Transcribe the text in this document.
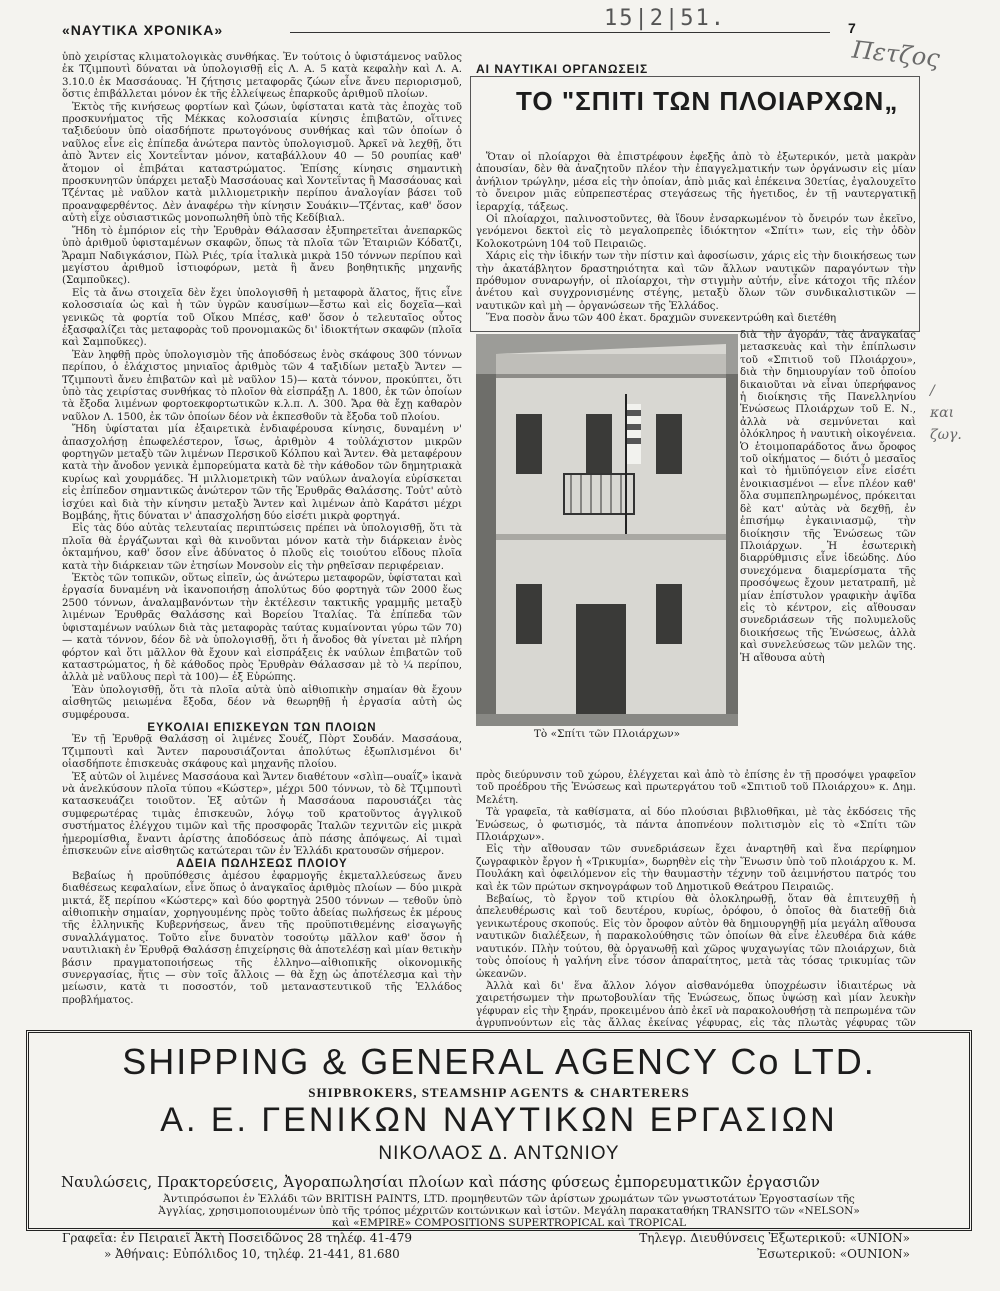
«ΝΑΥΤΙΚΑ ΧΡΟΝΙΚΑ»	7
15|2|51.
Πετζος
/
και
ζωγ.

ὑπὸ χειρίστας κλιματολογικὰς συνθήκας. Ἐν τούτοις ὁ ὑφιστάμενος ναῦλος ἐκ Τζιμπουτὶ δύναται νὰ ὑπολογισθῇ εἰς Λ. Α. 5 κατὰ κεφαλὴν καὶ Λ. Α. 3.10.0 ἐκ Μασσάουας. Ἡ ζήτησις μεταφορᾶς ζώων εἶνε ἄνευ περιορισμοῦ, ὅστις ἐπιβάλλεται μόνον ἐκ τῆς ἐλλείψεως ἐπαρκοῦς ἀριθμοῦ πλοίων.

Ἐκτὸς τῆς κινήσεως φορτίων καὶ ζώων, ὑφίσταται κατὰ τὰς ἐποχὰς τοῦ προσκυνήματος τῆς Μέκκας κολοσσιαία κίνησις ἐπιβατῶν, οἵτινες ταξιδεύουν ὑπὸ οἱασδήποτε πρωτογόνους συνθήκας καὶ τῶν ὁποίων ὁ ναῦλος εἶνε εἰς ἐπίπεδα ἀνώτερα παντὸς ὑπολογισμοῦ. Ἀρκεῖ νὰ λεχθῇ, ὅτι ἀπὸ Ἄντεν εἰς Χοντεΐνταν μόνον, καταβάλλουν 40 — 50 ρουπίας καθ' ἄτομον οἱ ἐπιβάται καταστρώματος. Ἐπίσης κίνησις σημαντικὴ προσκυνητῶν ὑπάρχει μεταξὺ Μασσάουας καὶ Χοντεΐντας ἢ Μασσάουας καὶ Τζέντας μὲ ναῦλον κατὰ μιλλιομετρικὴν περίπου ἀναλογίαν βάσει τοῦ προαναφερθέντος. Δὲν ἀναφέρω τὴν κίνησιν Σουάκιν—Τζέντας, καθ' ὅσον αὐτὴ εἶχε οὐσιαστικῶς μονοπωληθῆ ὑπὸ τῆς Κεδίβιαλ.

Ἤδη τὸ ἐμπόριον εἰς τὴν Ἐρυθρὰν Θάλασσαν ἐξυπηρετεῖται ἀνεπαρκῶς ὑπὸ ἀριθμοῦ ὑφισταμένων σκαφῶν, ὅπως τὰ πλοῖα τῶν Ἑταιριῶν Κόδατζι, Ἄραμπ Ναδιγκάσιον, Πὼλ Ριές, τρία ἰταλικὰ μικρὰ 150 τόννων περίπου καὶ μεγίστου ἀριθμοῦ ἱστιοφόρων, μετὰ ἢ ἄνευ βοηθητικῆς μηχανῆς (Σαμποῦκες).

Εἰς τὰ ἄνω στοιχεῖα δὲν ἔχει ὑπολογισθῆ ἡ μεταφορὰ ἅλατος, ἥτις εἶνε κολοσσιαία ὡς καὶ ἡ τῶν ὑγρῶν καυσίμων—ἔστω καὶ εἰς δοχεῖα—καὶ γενικῶς τὰ φορτία τοῦ Οἴκου Μπέσς, καθ' ὅσον ὁ τελευταῖος οὗτος ἐξασφαλίζει τὰς μεταφορὰς τοῦ προνομιακῶς δι' ἰδιοκτήτων σκαφῶν (πλοῖα καὶ Σαμποῦκες).

Ἐὰν ληφθῇ πρὸς ὑπολογισμὸν τῆς ἀποδόσεως ἑνὸς σκάφους 300 τόννων περίπου, ὁ ἐλάχιστος μηνιαῖος ἀριθμὸς τῶν 4 ταξιδίων μεταξὺ Ἄντεν — Τζιμπουτὶ ἄνευ ἐπιβατῶν καὶ μὲ ναῦλον 15)— κατὰ τόννον, προκύπτει, ὅτι ὑπὸ τὰς χειρίστας συνθήκας τὸ πλοῖον θὰ εἰσπράξῃ Λ. 1800, ἐκ τῶν ὁποίων τὰ ἔξοδα λιμένων φορτοεκφορτωτικῶν κ.λ.π. Λ. 300. Ἄρα θὰ ἔχῃ καθαρὸν ναῦλον Λ. 1500, ἐκ τῶν ὁποίων δέον νὰ ἐκπεσθοῦν τὰ ἔξοδα τοῦ πλοίου.

Ἤδη ὑφίσταται μία ἐξαιρετικὰ ἐνδιαφέρουσα κίνησις, δυναμένη ν' ἀπασχολήσῃ ἐπωφελέστερον, ἴσως, ἀριθμὸν 4 τοὐλάχιστον μικρῶν φορτηγῶν μεταξὺ τῶν λιμένων Περσικοῦ Κόλπου καὶ Ἄντεν. Θὰ μεταφέρουν κατὰ τὴν ἄνοδον γενικὰ ἐμπορεύματα κατὰ δὲ τὴν κάθοδον τῶν δημητριακὰ κυρίως καὶ χουρμάδες. Ἡ μιλλιομετρικὴ τῶν ναύλων ἀναλογία εὑρίσκεται εἰς ἐπίπεδον σημαντικῶς ἀνώτερον τῶν τῆς Ἐρυθρᾶς Θαλάσσης. Τοὐτ' αὐτὸ ἰσχύει καὶ διὰ τὴν κίνησιν μεταξὺ Ἄντεν καὶ λιμένων ἀπὸ Καράτσι μέχρι Βομβάης, ἥτις δύναται ν' ἀπασχολήσῃ δύο εἰσέτι μικρὰ φορτηγά.

Εἰς τὰς δύο αὐτὰς τελευταίας περιπτώσεις πρέπει νὰ ὑπολογισθῇ, ὅτι τὰ πλοῖα θὰ ἐργάζωνται καὶ θὰ κινοῦνται μόνον κατὰ τὴν διάρκειαν ἑνὸς ὀκταμήνου, καθ' ὅσον εἶνε ἀδύνατος ὁ πλοῦς εἰς τοιούτου εἴδους πλοῖα κατὰ τὴν διάρκειαν τῶν ἐτησίων Μονσοὺν εἰς τὴν ρηθεῖσαν περιφέρειαν.

Ἐκτὸς τῶν τοπικῶν, οὕτως εἰπεῖν, ὡς ἀνώτερω μεταφορῶν, ὑφίσταται καὶ ἐργασία δυναμένη νὰ ἱκανοποιήσῃ ἀπολύτως δύο φορτηγὰ τῶν 2000 ἕως 2500 τόννων, ἀναλαμβανόντων τὴν ἐκτέλεσιν τακτικῆς γραμμῆς μεταξὺ λιμένων Ἐρυθρᾶς Θαλάσσης καὶ Βορείου Ἰταλίας. Τὰ ἐπίπεδα τῶν ὑφισταμένων ναύλων διὰ τὰς μεταφορὰς ταύτας κυμαίνονται γύρω τῶν 70)— κατὰ τόννον, δέον δὲ νὰ ὑπολογισθῇ, ὅτι ἡ ἄνοδος θὰ γίνεται μὲ πλήρη φόρτον καὶ ὅτι μᾶλλον θὰ ἔχουν καὶ εἰσπράξεις ἐκ ναύλων ἐπιβατῶν τοῦ καταστρώματος, ἡ δὲ κάθοδος πρὸς Ἐρυθρὰν Θάλασσαν μὲ τὸ ¼ περίπου, ἀλλὰ μὲ ναῦλους περὶ τὰ 100)— ἐξ Εὐρώπης.

Ἐὰν ὑπολογισθῇ, ὅτι τὰ πλοῖα αὐτὰ ὑπὸ αἰθιοπικὴν σημαίαν θὰ ἔχουν αἰσθητῶς μειωμένα ἔξοδα, δέον νὰ θεωρηθῇ ἡ ἐργασία αὐτὴ ὡς συμφέρουσα.

ΕΥΚΟΛΙΑΙ ΕΠΙΣΚΕΥΩΝ ΤΩΝ ΠΛΟΙΩΝ

Ἐν τῇ Ἐρυθρᾷ Θαλάσσῃ οἱ λιμένες Σουέζ, Πὸρτ Σουδάν. Μασσάουα, Τζιμπουτὶ καὶ Ἄντεν παρουσιάζονται ἀπολύτως ἐξωπλισμένοι δι' οἱασδήποτε ἐπισκευὰς σκάφους καὶ μηχανῆς πλοίου.

Ἐξ αὐτῶν οἱ λιμένες Μασσάουα καὶ Ἄντεν διαθέτουν «σλὶπ—ουαΐζ» ἱκανὰ νὰ ἀνελκύσουν πλοῖα τύπου «Κώστερ», μέχρι 500 τόννων, τὸ δὲ Τζιμπουτὶ κατασκευάζει τοιοῦτον. Ἐξ αὐτῶν ἡ Μασσάουα παρουσιάζει τὰς συμφερωτέρας τιμὰς ἐπισκευῶν, λόγῳ τοῦ κρατοῦντος ἀγγλικοῦ συστήματος ἐλέγχου τιμῶν καὶ τῆς προσφορᾶς Ἰταλῶν τεχνιτῶν εἰς μικρὰ ἡμερομίσθια, ἔναντι ἀρίστης ἀποδόσεως ἀπὸ πάσης ἀπόψεως. Αἱ τιμαὶ ἐπισκευῶν εἶνε αἰσθητῶς κατώτεραι τῶν ἐν Ἑλλάδι κρατουσῶν σήμερον.

ΑΔΕΙΑ ΠΩΛΗΣΕΩΣ ΠΛΟΙΟΥ

Βεβαίως ἡ προϋπόθεσις ἀμέσου ἐφαρμογῆς ἐκμεταλλεύσεως ἄνευ διαθέσεως κεφαλαίων, εἶνε ὅπως ὁ ἀναγκαῖος ἀριθμὸς πλοίων — δύο μικρὰ μικτά, ἕξ περίπου «Κώστερς» καὶ δύο φορτηγὰ 2500 τόννων — τεθοῦν ὑπὸ αἰθιοπικὴν σημαίαν, χορηγουμένης πρὸς τοῦτο ἀδείας πωλήσεως ἐκ μέρους τῆς ἑλληνικῆς Κυβερνήσεως, ἄνευ τῆς προϋποτιθεμένης εἰσαγωγῆς συναλλάγματος. Τοῦτο εἶνε δυνατὸν τοσούτῳ μᾶλλον καθ' ὅσον ἡ ναυτιλιακὴ ἐν Ἐρυθρᾷ Θαλάσσῃ ἐπιχείρησις θὰ ἀποτελέσῃ καὶ μίαν θετικὴν βάσιν πραγματοποιήσεως τῆς ἑλληνο—αἰθιοπικῆς οἰκονομικῆς συνεργασίας, ἥτις — σὺν τοῖς ἄλλοις — θὰ ἔχῃ ὡς ἀποτέλεσμα καὶ τὴν μείωσιν, κατὰ τι ποσοστόν, τοῦ μεταναστευτικοῦ τῆς Ἑλλάδος προβλήματος.

ΑΙ ΝΑΥΤΙΚΑΙ ΟΡΓΑΝΩΣΕΙΣ
ΤΟ "ΣΠΙΤΙ ΤΩΝ ΠΛΟΙΑΡΧΩΝ„

Ὅταν οἱ πλοίαρχοι θὰ ἐπιστρέφουν ἐφεξῆς ἀπὸ τὸ ἐξωτερικόν, μετὰ μακρὰν ἀπουσίαν, δὲν θὰ ἀναζητοῦν πλέον τὴν ἐπαγγελματικήν των ὀργάνωσιν εἰς μίαν ἀνήλιον τρώγλην, μέσα εἰς τὴν ὁποίαν, ἀπὸ μιᾶς καὶ ἐπέκεινα 30ετίας, ἐγαλουχεῖτο τὸ ὄνειρον μιᾶς εὐπρεπεστέρας στεγάσεως τῆς ἡγετιδος, ἐν τῇ ναυτεργατικῇ ἱεραρχίᾳ, τάξεως.

Οἱ πλοίαρχοι, παλινοστοῦντες, θὰ ἴδουν ἐνσαρκωμένον τὸ ὄνειρόν των ἐκεῖνο, γενόμενοι δεκτοὶ εἰς τὸ μεγαλοπρεπὲς ἰδιόκτητον «Σπίτι» των, εἰς τὴν ὁδὸν Κολοκοτρώνη 104 τοῦ Πειραιῶς.

Χάρις εἰς τὴν ἰδικήν των τὴν πίστιν καὶ ἀφοσίωσιν, χάρις εἰς τὴν διοικήσεως των τὴν ἀκατάβλητον δραστηριότητα καὶ τῶν ἄλλων ναυτικῶν παραγόντων τὴν πρόθυμον συναρωγήν, οἱ πλοίαρχοι, τὴν στιγμὴν αὐτήν, εἶνε κάτοχοι τῆς πλέον ἀνέτου καὶ συγχρονισμένης στέγης, μεταξὺ ὅλων τῶν συνδικαλιστικῶν — ναυτικῶν καὶ μὴ — ὀργανώσεων τῆς Ἑλλάδος.

Ἕνα ποσὸν ἄνω τῶν 400 ἑκατ. δραχμῶν συνεκεντρώθη καὶ διετέθη

Τὸ «Σπίτι τῶν Πλοιάρχων»

διὰ τὴν ἀγοράν, τὰς ἀναγκαίας μετασκευὰς καὶ τὴν ἐπίπλωσιν τοῦ «Σπιτιοῦ τοῦ Πλοιάρχου», διὰ τὴν δημιουργίαν τοῦ ὁποίου δικαιοῦται νὰ εἶναι ὑπερήφανος ἡ διοίκησις τῆς Πανελληνίου Ἑνώσεως Πλοιάρχων τοῦ Ε. Ν., ἀλλὰ νὰ σεμνύνεται καὶ ὁλόκληρος ἡ ναυτικὴ οἰκογένεια. Ὁ ἑτοιμοπαράδοτος ἄνω ὄροφος τοῦ οἰκήματος — διότι ὁ μεσαῖος καὶ τὸ ἡμιϋπόγειον εἶνε εἰσέτι ἐνοικιασμένοι — εἶνε πλέον καθ' ὅλα συμπεπληρωμένος, πρόκειται δὲ κατ' αὐτὰς νὰ δεχθῇ, ἐν ἐπισήμῳ ἐγκαινιασμῷ, τὴν διοίκησιν τῆς Ἑνώσεως τῶν Πλοιάρχων. Ἡ ἐσωτερικὴ διαρρύθμισις εἶνε ἰδεώδης. Δύο συνεχόμενα διαμερίσματα τῆς προσόψεως ἔχουν μετατραπῆ, μὲ μίαν ἐπίστυλον γραφικὴν ἁψῖδα εἰς τὸ κέντρον, εἰς αἴθουσαν συνεδριάσεων τῆς πολυμελοῦς διοικήσεως τῆς Ἑνώσεως, ἀλλὰ καὶ συνελεύσεως τῶν μελῶν της. Ἡ αἴθουσα αὐτὴ

πρὸς διεύρυνσιν τοῦ χώρου, ἐλέγχεται καὶ ἀπὸ τὸ ἐπίσης ἐν τῇ προσόψει γραφεῖον τοῦ προέδρου τῆς Ἑνώσεως καὶ πρωτεργάτου τοῦ «Σπιτιοῦ τοῦ Πλοιάρχου» κ. Δημ. Μελέτη.

Τὰ γραφεῖα, τὰ καθίσματα, αἱ δύο πλούσιαι βιβλιοθῆκαι, μὲ τὰς ἐκδόσεις τῆς Ἑνώσεως, ὁ φωτισμός, τὰ πάντα ἀποπνέουν πολιτισμὸν εἰς τὸ «Σπίτι τῶν Πλοιάρχων».

Εἰς τὴν αἴθουσαν τῶν συνεδριάσεων ἔχει ἀναρτηθῆ καὶ ἕνα περίφημον ζωγραφικὸν ἔργον ἡ «Τρικυμία», δωρηθὲν εἰς τὴν Ἕνωσιν ὑπὸ τοῦ πλοιάρχου κ. Μ. Πουλάκη καὶ ὀφειλόμενον εἰς τὴν θαυμαστὴν τέχνην τοῦ ἀειμνήστου πατρός του καὶ ἐκ τῶν πρώτων σκηνογράφων τοῦ Δημοτικοῦ Θεάτρου Πειραιῶς.

Βεβαίως, τὸ ἔργον τοῦ κτιρίου θὰ ὁλοκληρωθῇ, ὅταν θὰ ἐπιτευχθῇ ἡ ἀπελευθέρωσις καὶ τοῦ δευτέρου, κυρίως, ὀρόφου, ὁ ὁποῖος θὰ διατεθῇ διὰ γενικωτέρους σκοπούς. Εἰς τὸν ὄροφον αὐτὸν θὰ δημιουργηθῇ μία μεγάλη αἴθουσα ναυτικῶν διαλέξεων, ἡ παρακολούθησις τῶν ὁποίων θὰ εἶνε ἐλευθέρα διὰ κάθε ναυτικόν. Πλὴν τούτου, θὰ ὀργανωθῇ καὶ χῶρος ψυχαγωγίας τῶν πλοιάρχων, διὰ τοὺς ὁποίους ἡ γαλήνη εἶνε τόσον ἀπαραίτητος, μετὰ τὰς τόσας τρικυμίας τῶν ὠκεανῶν.

Ἀλλὰ καὶ δι' ἕνα ἄλλον λόγον αἰσθανόμεθα ὑποχρέωσιν ἰδιαιτέρως νὰ χαιρετήσωμεν τὴν πρωτοβουλίαν τῆς Ἑνώσεως, ὅπως ὑψώσῃ καὶ μίαν λευκὴν γέφυραν εἰς τὴν ξηράν, προκειμένου ἀπὸ ἐκεῖ νὰ παρακολουθήσῃ τὰ πεπρωμένα τῶν ἀγρυπνούντων εἰς τὰς ἄλλας ἐκείνας γέφυρας, εἰς τὰς πλωτὰς γέφυρας τῶν

SHIPPING & GENERAL AGENCY Co LTD.
SHIPBROKERS, STEAMSHIP AGENTS & CHARTERERS
Α. Ε. ΓΕΝΙΚΩΝ ΝΑΥΤΙΚΩΝ ΕΡΓΑΣΙΩΝ
ΝΙΚΟΛΑΟΣ Δ. ΑΝΤΩΝΙΟΥ
Ναυλώσεις, Πρακτορεύσεις, Ἀγοραπωλησίαι πλοίων καὶ πάσης φύσεως ἐμπορευματικῶν ἐργασιῶν
Ἀντιπρόσωποι ἐν Ἑλλάδι τῶν BRITISH PAINTS, LTD. προμηθευτῶν τῶν ἀρίστων χρωμάτων τῶν γνωστοτάτων Ἐργοστασίων τῆς Ἀγγλίας, χρησιμοποιουμένων ὑπὸ τῆς τρόπος μέχριτῶν κοιτώνικων καὶ ἰστῶν. Μεγάλη παρακαταθήκη TRANSITO τῶν «NELSON» καὶ «EMPIRE» COMPOSITIONS SUPERTROPICAL καὶ TROPICAL
Γραφεῖα: ἐν Πειραιεῖ Ἀκτὴ Ποσειδῶνος 28 τηλέφ. 41-479
» Ἀθήναις: Εὐπόλιδος 10, τηλέφ. 21-441, 81.680
Τηλεγρ. Διευθύνσεις Ἐξωτερικοῦ: «UNION»
Ἐσωτερικοῦ: «OUNION»
